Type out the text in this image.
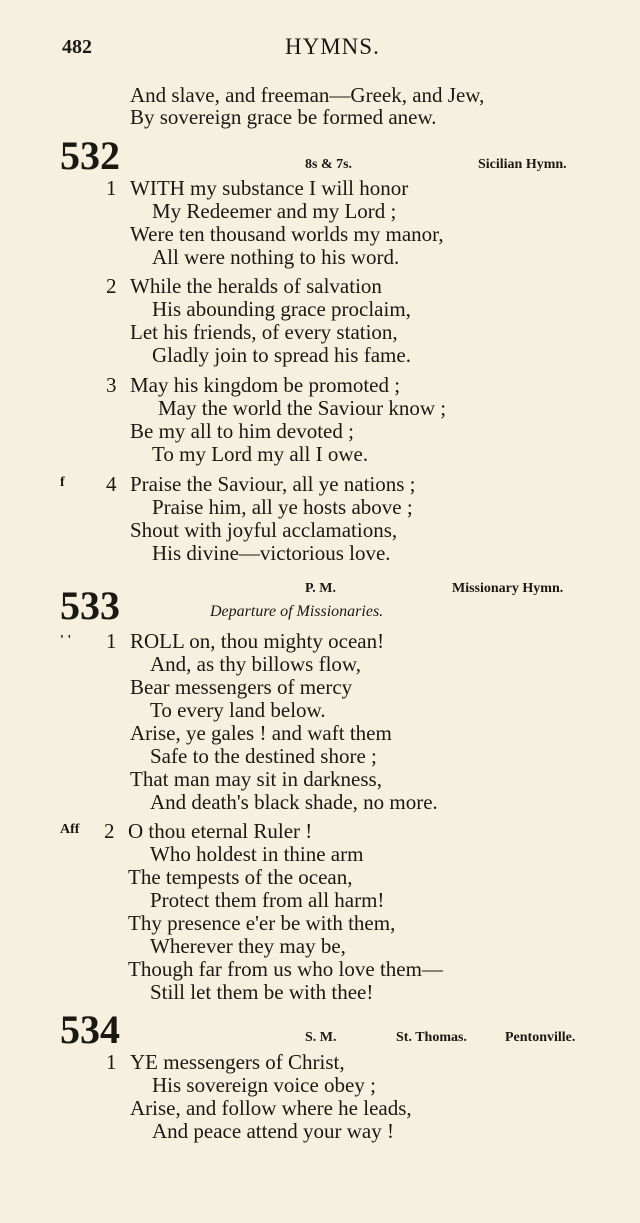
482	HYMNS.
And slave, and freeman—Greek, and Jew,
By sovereign grace be formed anew.
532	8s & 7s.	Sicilian Hymn.
1 WITH my substance I will honor
My Redeemer and my Lord ;
Were ten thousand worlds my manor,
All were nothing to his word.
2 While the heralds of salvation
His abounding grace proclaim,
Let his friends, of every station,
Gladly join to spread his fame.
3 May his kingdom be promoted ;
May the world the Saviour know ;
Be my all to him devoted ;
To my Lord my all I owe.
f 4 Praise the Saviour, all ye nations ;
Praise him, all ye hosts above ;
Shout with joyful acclamations,
His divine—victorious love.
P. M.	Missionary Hymn.
533	Departure of Missionaries.
' ' 1 ROLL on, thou mighty ocean!
And, as thy billows flow,
Bear messengers of mercy
To every land below.
Arise, ye gales ! and waft them
Safe to the destined shore ;
That man may sit in darkness,
And death's black shade, no more.
Aff 2 O thou eternal Ruler !
Who holdest in thine arm
The tempests of the ocean,
Protect them from all harm!
Thy presence e'er be with them,
Wherever they may be,
Though far from us who love them—
Still let them be with thee!
534	S. M.	St. Thomas.	Pentonville.
1 YE messengers of Christ,
His sovereign voice obey ;
Arise, and follow where he leads,
And peace attend your way !
